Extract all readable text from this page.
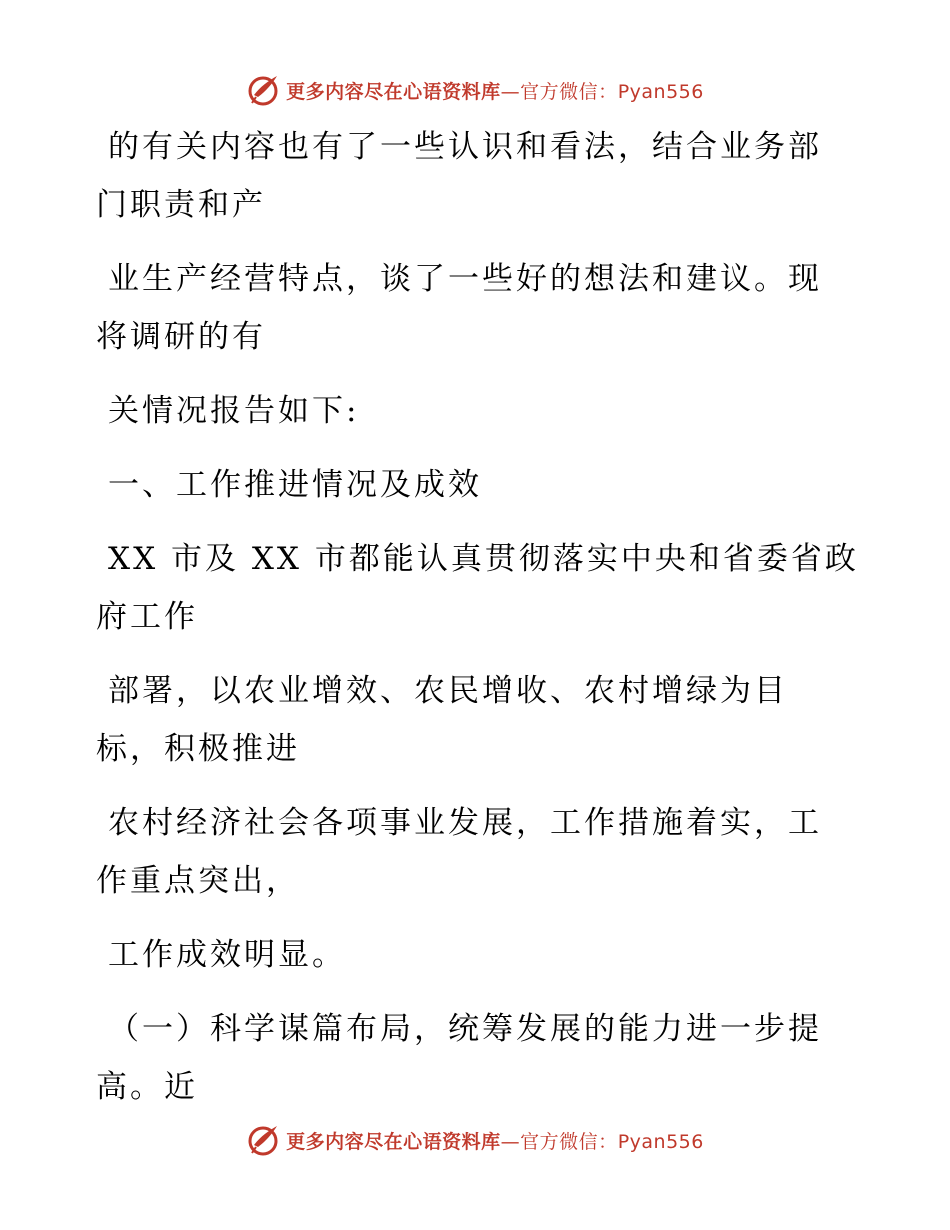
更多内容尽在心语资料库—官方微信：Pyan556

的有关内容也有了一些认识和看法，结合业务部
门职责和产

业生产经营特点，谈了一些好的想法和建议。现
将调研的有

关情况报告如下:

一、工作推进情况及成效

XX 市及 XX 市都能认真贯彻落实中央和省委省政
府工作

部署，以农业增效、农民增收、农村增绿为目
标，积极推进

农村经济社会各项事业发展，工作措施着实，工
作重点突出，

工作成效明显。

（一）科学谋篇布局，统筹发展的能力进一步提
高。近

更多内容尽在心语资料库—官方微信：Pyan556
